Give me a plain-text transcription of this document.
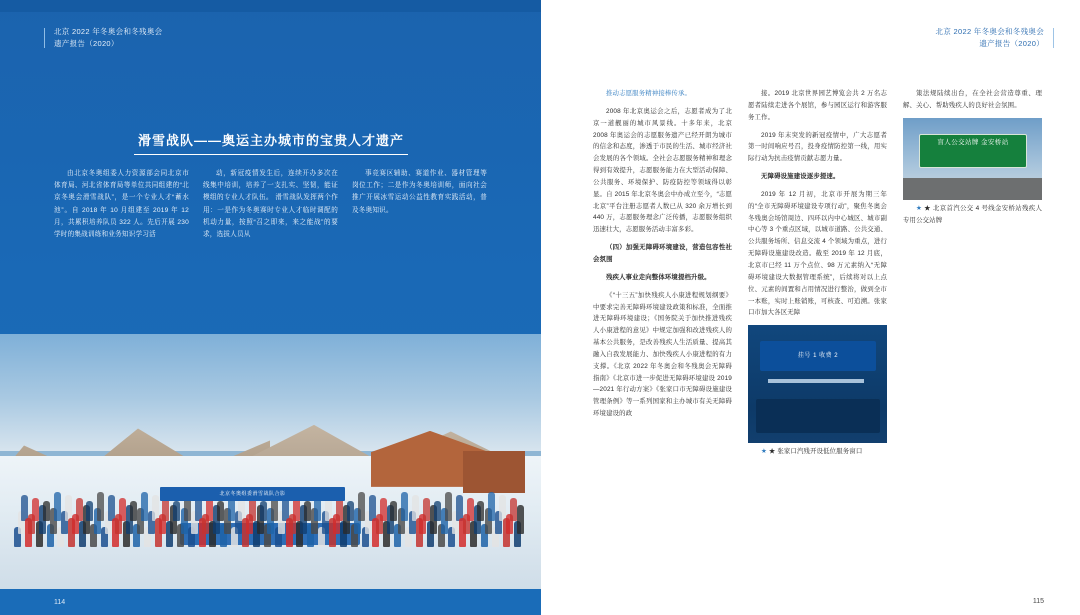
北京 2022 年冬奥会和冬残奥会
遗产报告（2020）
滑雪战队——奥运主办城市的宝贵人才遗产

由北京冬奥组委人力资源部会同北京市体育局、河北省体育局等单位共同组建的“北京冬奥会滑雪战队”，是一个专业人才“蓄水池”。自 2018 年 10 月组建至 2019 年 12 月，共累积培养队员 322 人。先后开展 230 学时的集战训练和业务知识学习活

动，新冠疫情发生后，连续开办多次在线集中培训，培养了一支扎实、坚韧，能证模组的专业人才队伍。 滑雪战队发挥两个作用：一是作为冬奥赛时专业人才临时调配的机动力量，按照“召之即来，来之能战”的要求，选拔人员从

事竞赛区辅助、赛道作业、器材管理等岗位工作；二是作为冬奥培训师，面向社会推广开展冰雪运动公益性教育实践活动，普及冬奥知识。

北京冬奥组委滑雪战队合影
114
北京 2022 年冬奥会和冬残奥会
遗产报告（2020）

推动志愿服务精神接棒传承。

2008 年北京奥运会之后，志愿者成为了北京一道靓丽的城市风景线。十多年来，北京 2008 年奥运会的志愿服务遗产已经开朗为城市的信念和态度，渗透于市民的生活、城市经济社会发展的各个领域。全社会志愿服务精神和理念得到有效提升，志愿服务能力在大型活动保障、公共服务、环境保护、防疫防控等领域得以彰显。自 2015 年北京冬奥会中办成立至今，“志愿北京”平台注册志愿者人数已从 320 余万增长到 440 万，志愿服务理念广泛传播，志愿服务组织迅速壮大，志愿服务活动丰富多彩。

（四）加强无障碍环境建设，营造包容性社会氛围

残疾人事业走向整体环境提档升级。

《“十三五”加快残疾人小康进程规划纲要》中要求完善无障碍环境建设政策和标准，全面推进无障碍环境建设；《国务院关于加快推进残疾人小康进程的意见》中规定加强和改进残疾人的基本公共服务，是改善残疾人生活质量、提高其融入自我发展能力、加快残疾人小康进程的有力支撑。《北京 2022 年冬奥会和冬残奥会无障碍指南》《北京市进一步促进无障碍环境建设 2019—2021 年行动方案》《张家口市无障碍设施建设管理条例》等一系列国家和主办城市有关无障碍环境建设的政

接。2019 北京世界园艺博览会共 2 万名志愿者陆续走进各个展馆，参与园区运行和游客服务工作。

2019 年末突发的新冠疫情中，广大志愿者第一时间响应号召，投身疫情防控第一线，用实际行动为抗击疫情贡献志愿力量。

无障碍设施建设逐步提速。

2019 年 12 月初，北京市开展为期三年的“全市无障碍环境建设专项行动”，聚焦冬奥会冬残奥会场馆周边、四环以内中心城区、城市副中心等 3 个重点区域，以城市道路、公共交通、公共服务场所、信息交流 4 个领域为重点，进行无障碍设施建设改造。截至 2019 年 12 月底，北京市已经 11 万个点位、98 万元素纳入“无障碍环境建设大数据管理系统”，后续将对以上点位、元素的间置和占用情况进行整治，做到全市一本账，实时上账销账，可核查、可追溯。张家口市加大各区无障

挂号 1 收费 2

★ ★ 张家口汽残开设低位服务窗口

策法规陆续出台，在全社会营造尊重、理解、关心、帮助残疾人的良好社会氛围。

盲人公交站牌 金安桥站

★ ★ 北京首汽公交 4 号线金安桥站残疾人专用公交站牌

115
